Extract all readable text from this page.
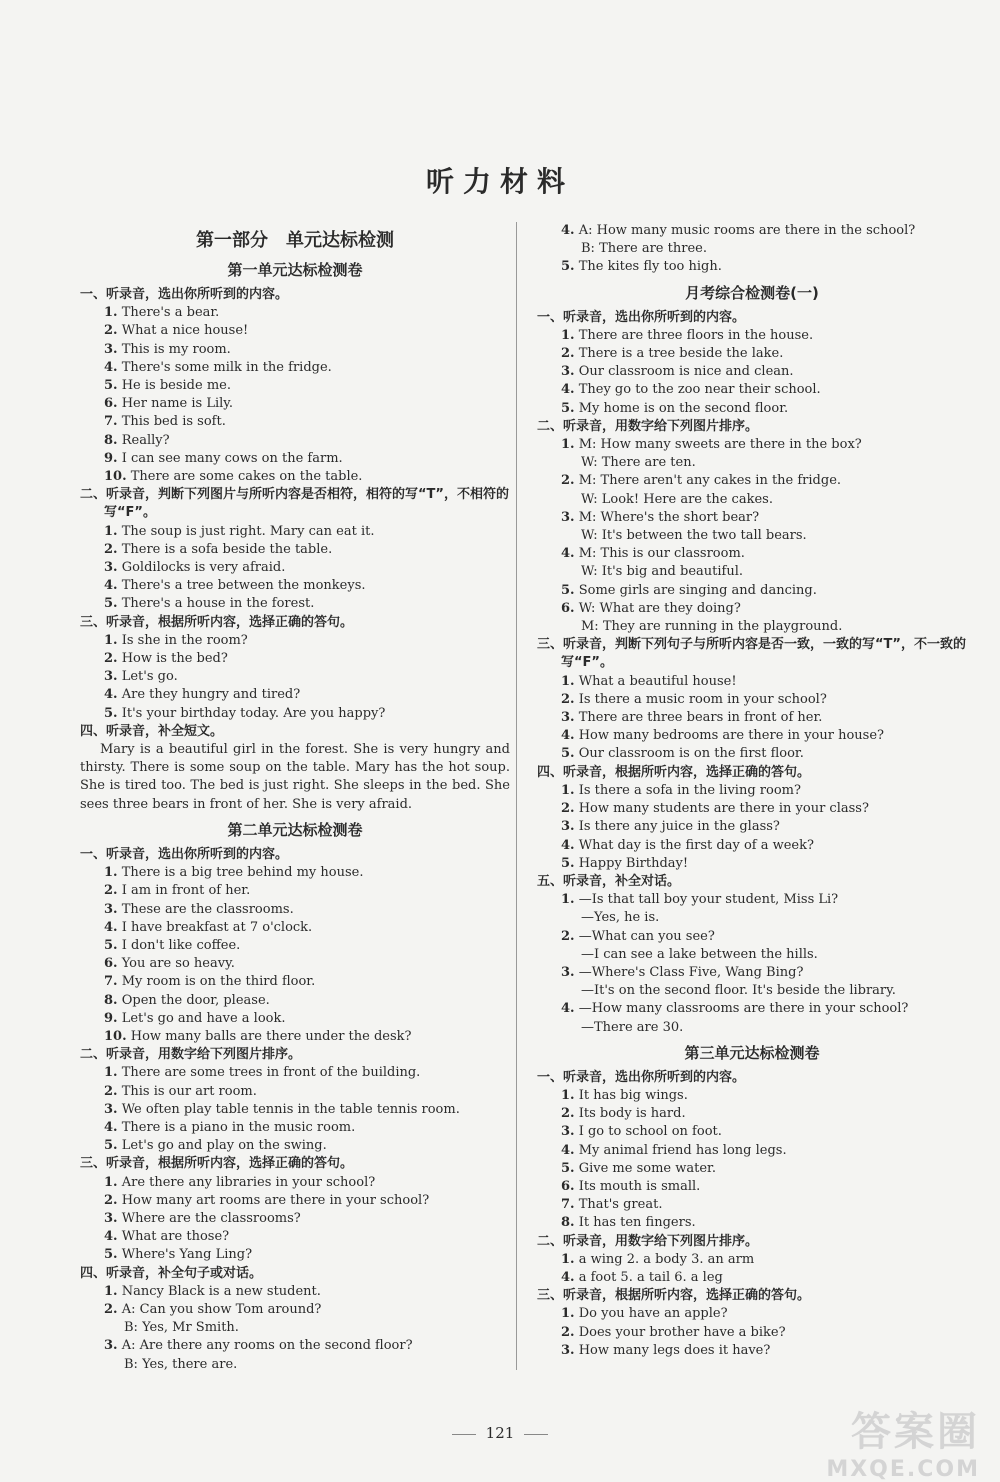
听力材料
第一部分　单元达标检测
第一单元达标检测卷
一、听录音，选出你所听到的内容。
1. There's a bear.
2. What a nice house!
3. This is my room.
4. There's some milk in the fridge.
5. He is beside me.
6. Her name is Lily.
7. This bed is soft.
8. Really?
9. I can see many cows on the farm.
10. There are some cakes on the table.
二、听录音，判断下列图片与所听内容是否相符，相符的写“T”，不相符的写“F”。
1. The soup is just right. Mary can eat it.
2. There is a sofa beside the table.
3. Goldilocks is very afraid.
4. There's a tree between the monkeys.
5. There's a house in the forest.
三、听录音，根据所听内容，选择正确的答句。
1. Is she in the room?
2. How is the bed?
3. Let's go.
4. Are they hungry and tired?
5. It's your birthday today. Are you happy?
四、听录音，补全短文。
Mary is a beautiful girl in the forest. She is very hungry and thirsty. There is some soup on the table. Mary has the hot soup. She is tired too. The bed is just right. She sleeps in the bed. She sees three bears in front of her. She is very afraid.
第二单元达标检测卷
一、听录音，选出你所听到的内容。
1. There is a big tree behind my house.
2. I am in front of her.
3. These are the classrooms.
4. I have breakfast at 7 o'clock.
5. I don't like coffee.
6. You are so heavy.
7. My room is on the third floor.
8. Open the door, please.
9. Let's go and have a look.
10. How many balls are there under the desk?
二、听录音，用数字给下列图片排序。
1. There are some trees in front of the building.
2. This is our art room.
3. We often play table tennis in the table tennis room.
4. There is a piano in the music room.
5. Let's go and play on the swing.
三、听录音，根据所听内容，选择正确的答句。
1. Are there any libraries in your school?
2. How many art rooms are there in your school?
3. Where are the classrooms?
4. What are those?
5. Where's Yang Ling?
四、听录音，补全句子或对话。
1. Nancy Black is a new student.
2. A: Can you show Tom around?
B: Yes, Mr Smith.
3. A: Are there any rooms on the second floor?
B: Yes, there are.
4. A: How many music rooms are there in the school?
B: There are three.
5. The kites fly too high.
月考综合检测卷(一)
一、听录音，选出你所听到的内容。
1. There are three floors in the house.
2. There is a tree beside the lake.
3. Our classroom is nice and clean.
4. They go to the zoo near their school.
5. My home is on the second floor.
二、听录音，用数字给下列图片排序。
1. M: How many sweets are there in the box?
W: There are ten.
2. M: There aren't any cakes in the fridge.
W: Look! Here are the cakes.
3. M: Where's the short bear?
W: It's between the two tall bears.
4. M: This is our classroom.
W: It's big and beautiful.
5. Some girls are singing and dancing.
6. W: What are they doing?
M: They are running in the playground.
三、听录音，判断下列句子与所听内容是否一致，一致的写“T”，不一致的写“F”。
1. What a beautiful house!
2. Is there a music room in your school?
3. There are three bears in front of her.
4. How many bedrooms are there in your house?
5. Our classroom is on the first floor.
四、听录音，根据所听内容，选择正确的答句。
1. Is there a sofa in the living room?
2. How many students are there in your class?
3. Is there any juice in the glass?
4. What day is the first day of a week?
5. Happy Birthday!
五、听录音，补全对话。
1. —Is that tall boy your student, Miss Li?
—Yes, he is.
2. —What can you see?
—I can see a lake between the hills.
3. —Where's Class Five, Wang Bing?
—It's on the second floor. It's beside the library.
4. —How many classrooms are there in your school?
—There are 30.
第三单元达标检测卷
一、听录音，选出你所听到的内容。
1. It has big wings.
2. Its body is hard.
3. I go to school on foot.
4. My animal friend has long legs.
5. Give me some water.
6. Its mouth is small.
7. That's great.
8. It has ten fingers.
二、听录音，用数字给下列图片排序。
1. a wing 2. a body 3. an arm
4. a foot 5. a tail 6. a leg
三、听录音，根据所听内容，选择正确的答句。
1. Do you have an apple?
2. Does your brother have a bike?
3. How many legs does it have?
121	答案圈
MXQE.COM
